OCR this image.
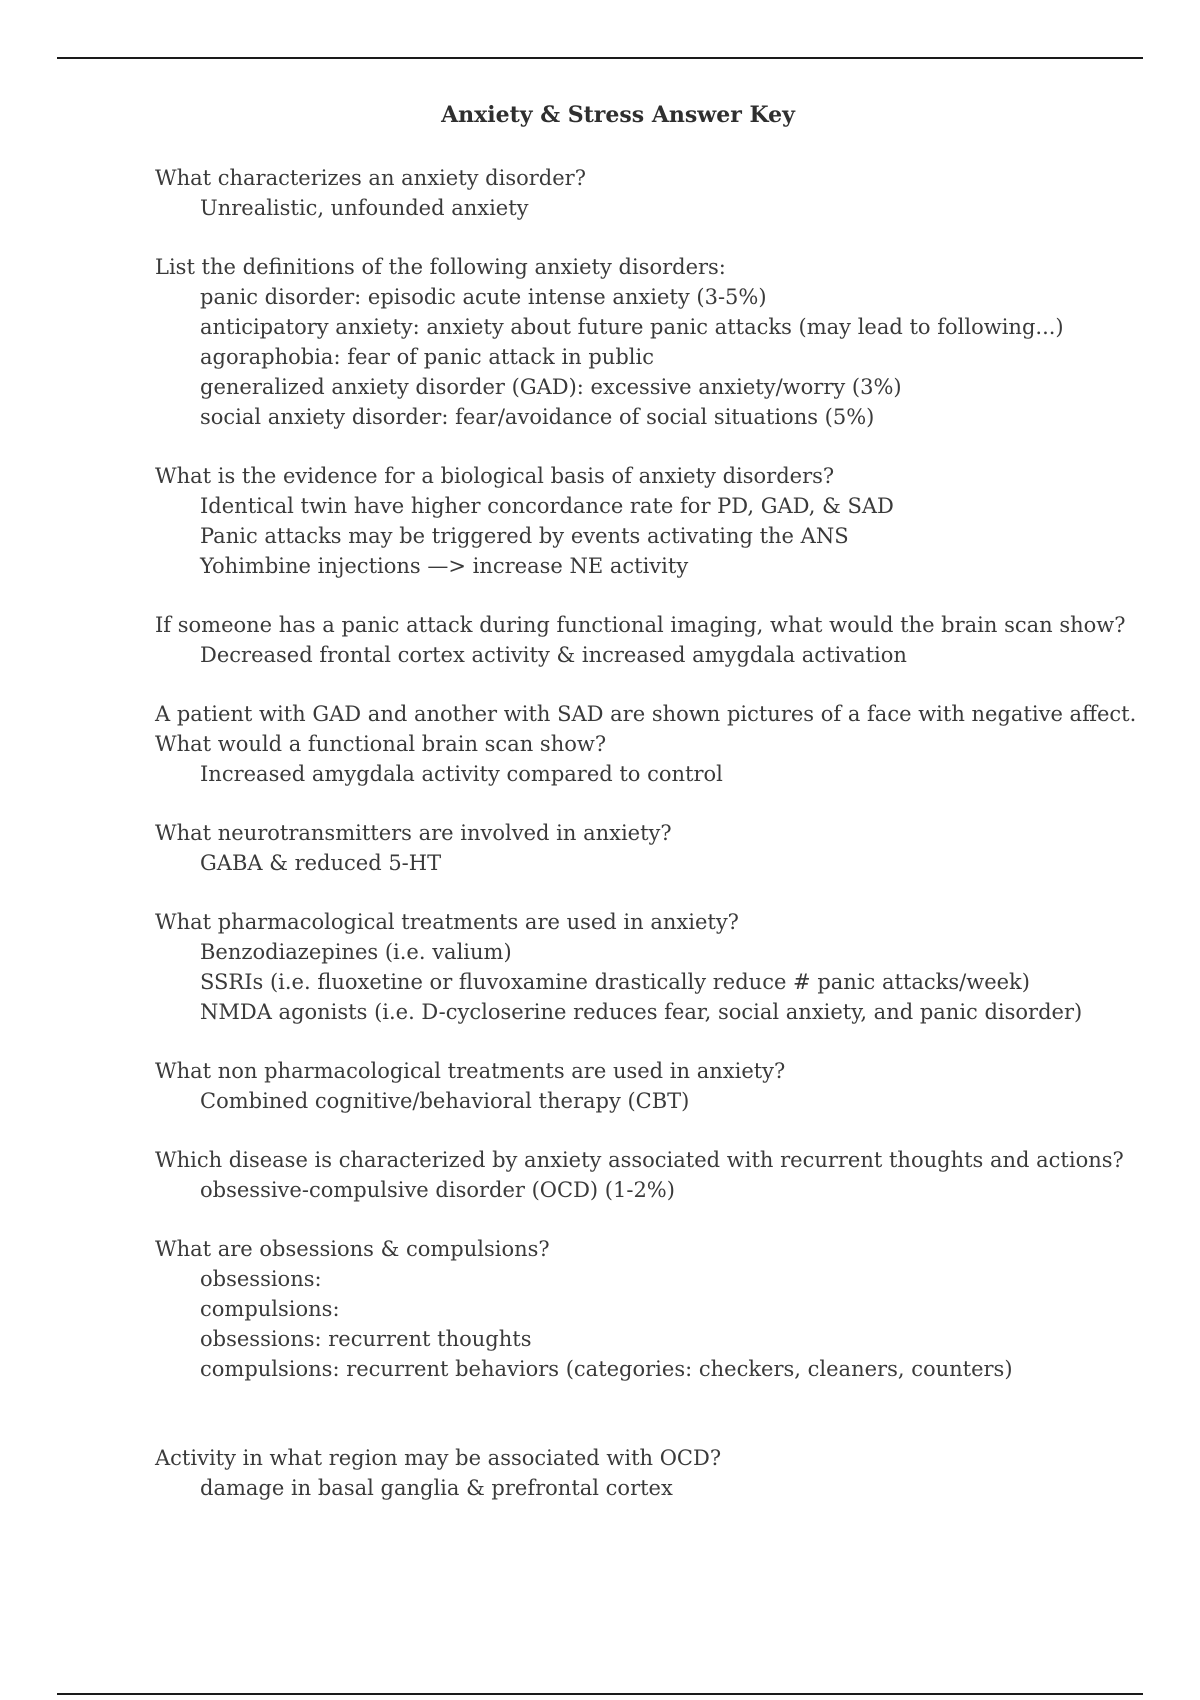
Anxiety & Stress Answer Key

What characterizes an anxiety disorder?

Unrealistic, unfounded anxiety

List the definitions of the following anxiety disorders:

panic disorder: episodic acute intense anxiety (3-5%)

anticipatory anxiety: anxiety about future panic attacks (may lead to following...)

agoraphobia: fear of panic attack in public

generalized anxiety disorder (GAD): excessive anxiety/worry (3%)

social anxiety disorder: fear/avoidance of social situations (5%)

What is the evidence for a biological basis of anxiety disorders?

Identical twin have higher concordance rate for PD, GAD, & SAD

Panic attacks may be triggered by events activating the ANS

Yohimbine injections —> increase NE activity

If someone has a panic attack during functional imaging, what would the brain scan show?

Decreased frontal cortex activity & increased amygdala activation

A patient with GAD and another with SAD are shown pictures of a face with negative affect.

What would a functional brain scan show?

Increased amygdala activity compared to control

What neurotransmitters are involved in anxiety?

GABA & reduced 5-HT

What pharmacological treatments are used in anxiety?

Benzodiazepines (i.e. valium)

SSRIs (i.e. fluoxetine or fluvoxamine drastically reduce # panic attacks/week)

NMDA agonists (i.e. D-cycloserine reduces fear, social anxiety, and panic disorder)

What non pharmacological treatments are used in anxiety?

Combined cognitive/behavioral therapy (CBT)

Which disease is characterized by anxiety associated with recurrent thoughts and actions?

obsessive-compulsive disorder (OCD) (1-2%)

What are obsessions & compulsions?

obsessions:

compulsions:

obsessions: recurrent thoughts

compulsions: recurrent behaviors (categories: checkers, cleaners, counters)

Activity in what region may be associated with OCD?

damage in basal ganglia & prefrontal cortex
